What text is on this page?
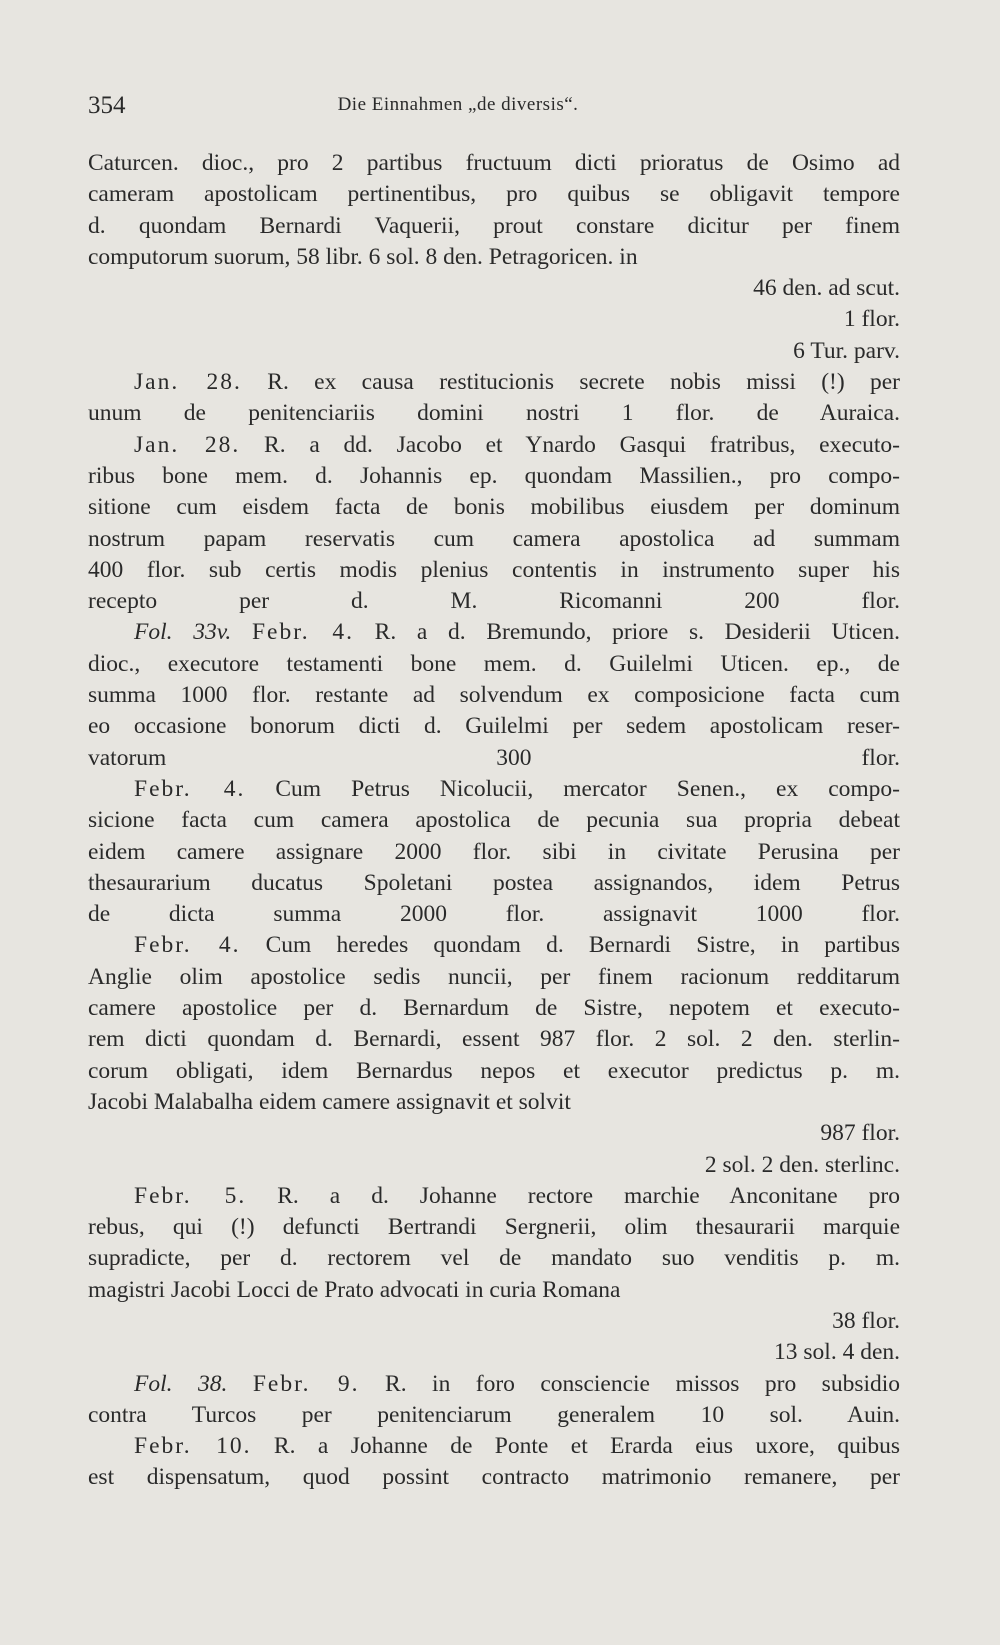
354	Die Einnahmen „de diversis“.
Caturcen. dioc., pro 2 partibus fructuum dicti prioratus de Osimo ad
cameram apostolicam pertinentibus, pro quibus se obligavit tempore
d. quondam Bernardi Vaquerii, prout constare dicitur per finem
computorum suorum, 58 libr. 6 sol. 8 den. Petragoricen. in
46 den. ad scut.
1 flor.
6 Tur. parv.
Jan. 28. R. ex causa restitucionis secrete nobis missi (!) per
unum de penitenciariis domini nostri 1 flor. de Auraica.
Jan. 28. R. a dd. Jacobo et Ynardo Gasqui fratribus, executo-
ribus bone mem. d. Johannis ep. quondam Massilien., pro compo-
sitione cum eisdem facta de bonis mobilibus eiusdem per dominum
nostrum papam reservatis cum camera apostolica ad summam
400 flor. sub certis modis plenius contentis in instrumento super his
recepto per d. M. Ricomanni 200 flor.
Fol. 33v. Febr. 4. R. a d. Bremundo, priore s. Desiderii Uticen.
dioc., executore testamenti bone mem. d. Guilelmi Uticen. ep., de
summa 1000 flor. restante ad solvendum ex composicione facta cum
eo occasione bonorum dicti d. Guilelmi per sedem apostolicam reser-
vatorum 300 flor.
Febr. 4. Cum Petrus Nicolucii, mercator Senen., ex compo-
sicione facta cum camera apostolica de pecunia sua propria debeat
eidem camere assignare 2000 flor. sibi in civitate Perusina per
thesaurarium ducatus Spoletani postea assignandos, idem Petrus
de dicta summa 2000 flor. assignavit 1000 flor.
Febr. 4. Cum heredes quondam d. Bernardi Sistre, in partibus
Anglie olim apostolice sedis nuncii, per finem racionum redditarum
camere apostolice per d. Bernardum de Sistre, nepotem et executo-
rem dicti quondam d. Bernardi, essent 987 flor. 2 sol. 2 den. sterlin-
corum obligati, idem Bernardus nepos et executor predictus p. m.
Jacobi Malabalha eidem camere assignavit et solvit
987 flor.
2 sol. 2 den. sterlinc.
Febr. 5. R. a d. Johanne rectore marchie Anconitane pro
rebus, qui (!) defuncti Bertrandi Sergnerii, olim thesaurarii marquie
supradicte, per d. rectorem vel de mandato suo venditis p. m.
magistri Jacobi Locci de Prato advocati in curia Romana
38 flor.
13 sol. 4 den.
Fol. 38. Febr. 9. R. in foro consciencie missos pro subsidio
contra Turcos per penitenciarum generalem 10 sol. Auin.
Febr. 10. R. a Johanne de Ponte et Erarda eius uxore, quibus
est dispensatum, quod possint contracto matrimonio remanere, per
